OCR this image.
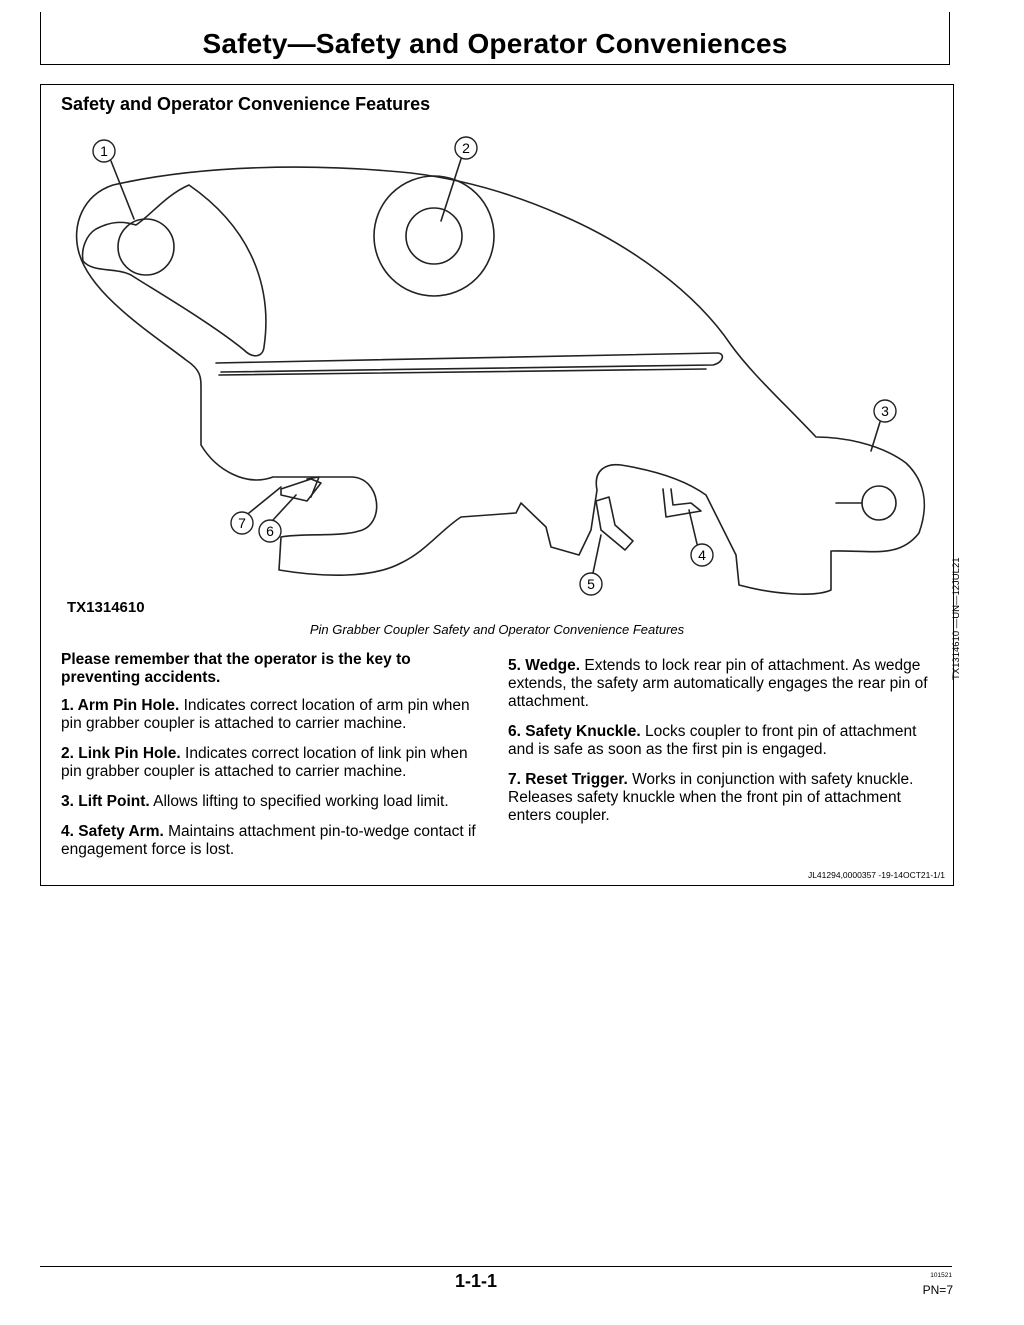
Safety—Safety and Operator Conveniences
Safety and Operator Convenience Features
1	2
3
4
5
6
7
TX1314610	TX1314610 —UN—12JUL21
Pin Grabber Coupler Safety and Operator Convenience Features

Please remember that the operator is the key to preventing accidents.

1. Arm Pin Hole. Indicates correct location of arm pin when pin grabber coupler is attached to carrier machine.

2. Link Pin Hole. Indicates correct location of link pin when pin grabber coupler is attached to carrier machine.

3. Lift Point. Allows lifting to specified working load limit.

4. Safety Arm. Maintains attachment pin-to-wedge contact if engagement force is lost.

5. Wedge. Extends to lock rear pin of attachment. As wedge extends, the safety arm automatically engages the rear pin of attachment.

6. Safety Knuckle. Locks coupler to front pin of attachment and is safe as soon as the first pin is engaged.

7. Reset Trigger. Works in conjunction with safety knuckle. Releases safety knuckle when the front pin of attachment enters coupler.

JL41294,0000357 -19-14OCT21-1/1
1-1-1	101521
PN=7
